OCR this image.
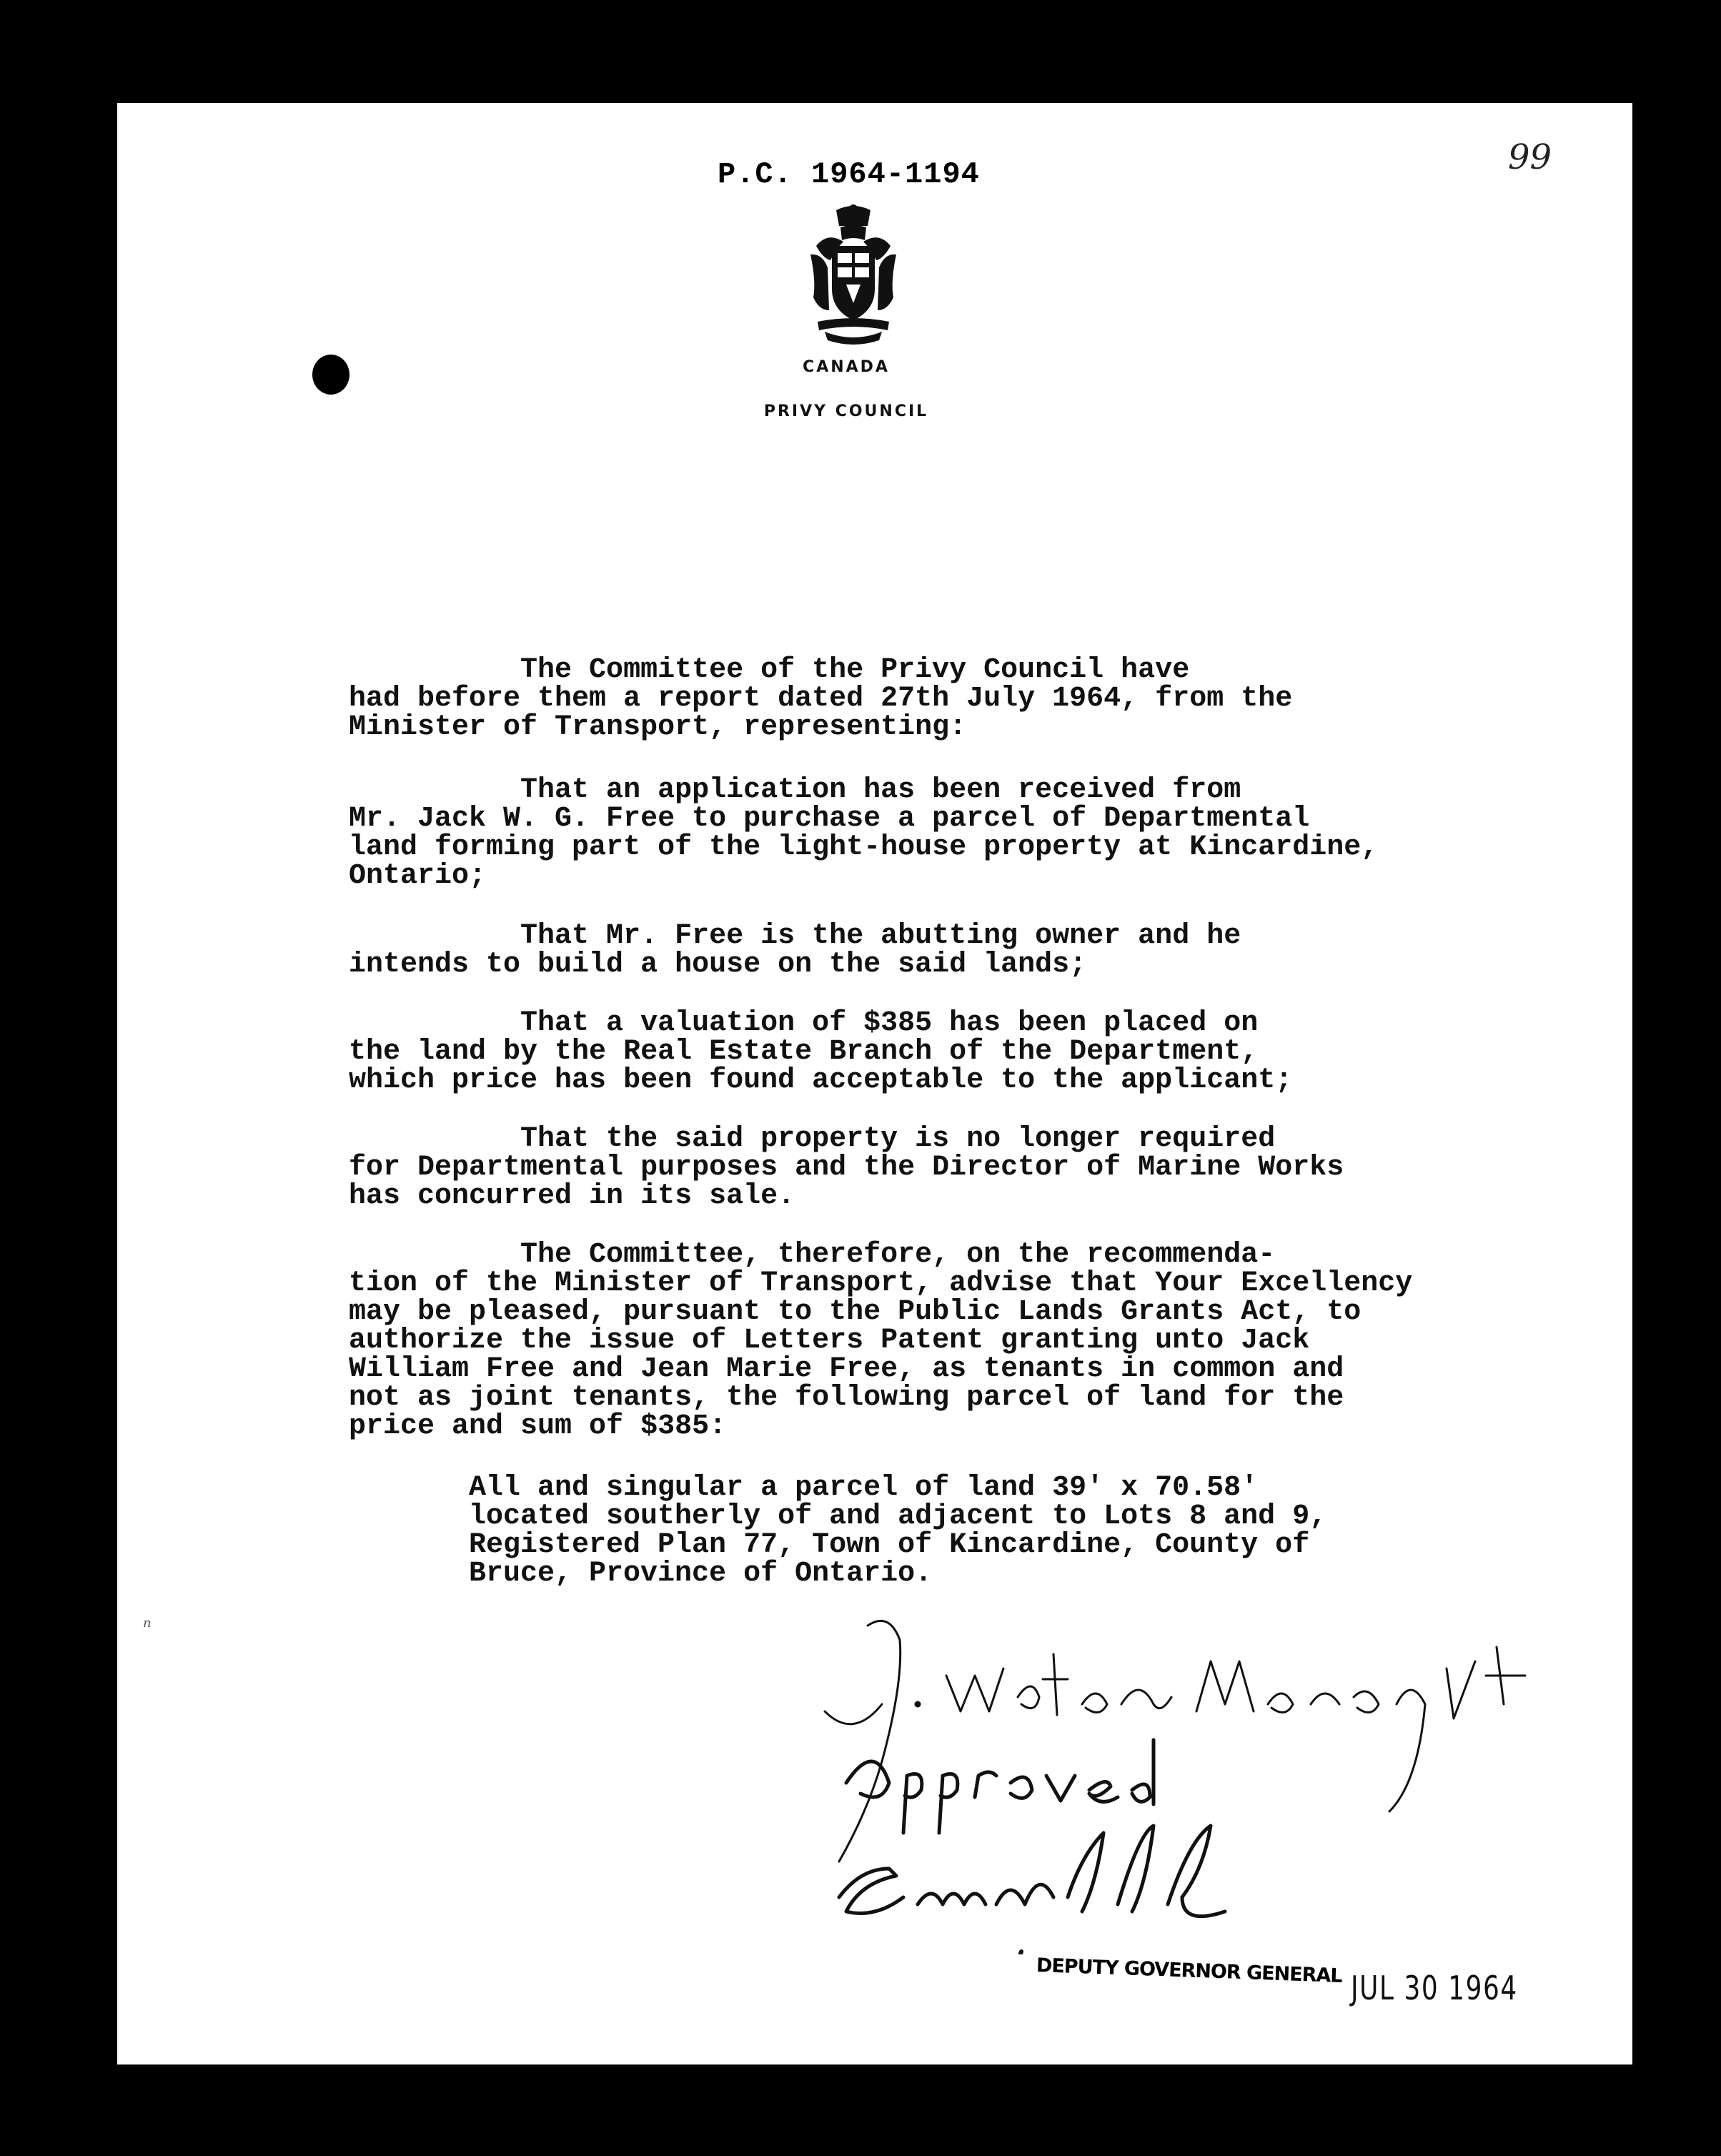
P.C. 1964-1194	99
CANADA
PRIVY COUNCIL
The Committee of the Privy Council have
had before them a report dated 27th July 1964, from the
Minister of Transport, representing:
That an application has been received from
Mr. Jack W. G. Free to purchase a parcel of Departmental
land forming part of the light-house property at Kincardine,
Ontario;
That Mr. Free is the abutting owner and he
intends to build a house on the said lands;
That a valuation of $385 has been placed on
the land by the Real Estate Branch of the Department,
which price has been found acceptable to the applicant;
That the said property is no longer required
for Departmental purposes and the Director of Marine Works
has concurred in its sale.
The Committee, therefore, on the recommenda-
tion of the Minister of Transport, advise that Your Excellency
may be pleased, pursuant to the Public Lands Grants Act, to
authorize the issue of Letters Patent granting unto Jack
William Free and Jean Marie Free, as tenants in common and
not as joint tenants, the following parcel of land for the
price and sum of $385:
All and singular a parcel of land 39' x 70.58'
located southerly of and adjacent to Lots 8 and 9,
Registered Plan 77, Town of Kincardine, County of
Bruce, Province of Ontario.
DEPUTY GOVERNOR GENERAL JUL 30 1964
n
